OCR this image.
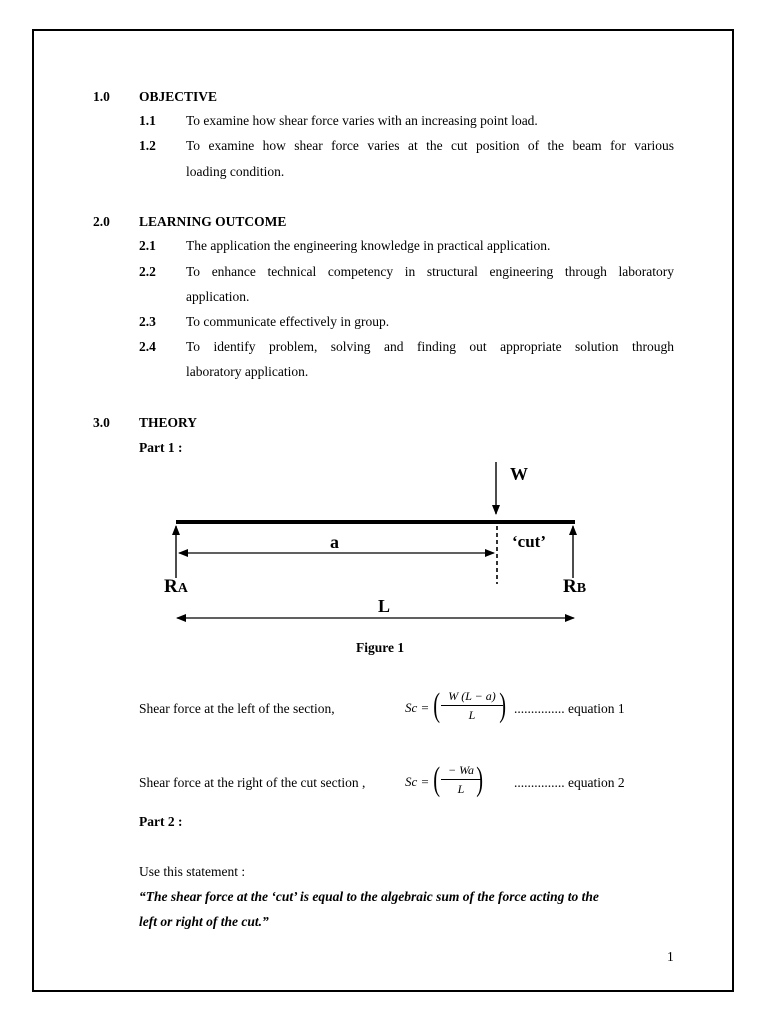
1.0 OBJECTIVE
1.1 To examine how shear force varies with an increasing point load.
1.2 To examine how shear force varies at the cut position of the beam for various
loading condition.
2.0 LEARNING OUTCOME
2.1 The application the engineering knowledge in practical application.
2.2 To enhance technical competency in structural engineering through laboratory
application.
2.3 To communicate effectively in group.
2.4 To identify problem, solving and finding out appropriate solution through
laboratory application.
3.0 THEORY
Part 1 :
W
‘cut’
a
L
RA	RB
Figure 1
Shear force at the left of the section,	Sc = ( $\frac{W (L - a)}{L}$
) ............... equation 1
Shear force at the right of the cut section ,	Sc = ( $\frac{- Wa}{L}$
) ............... equation 2
Part 2 :
Use this statement :
“The shear force at the ‘cut’ is equal to the algebraic sum of the force acting to the
left or right of the cut.”
1
